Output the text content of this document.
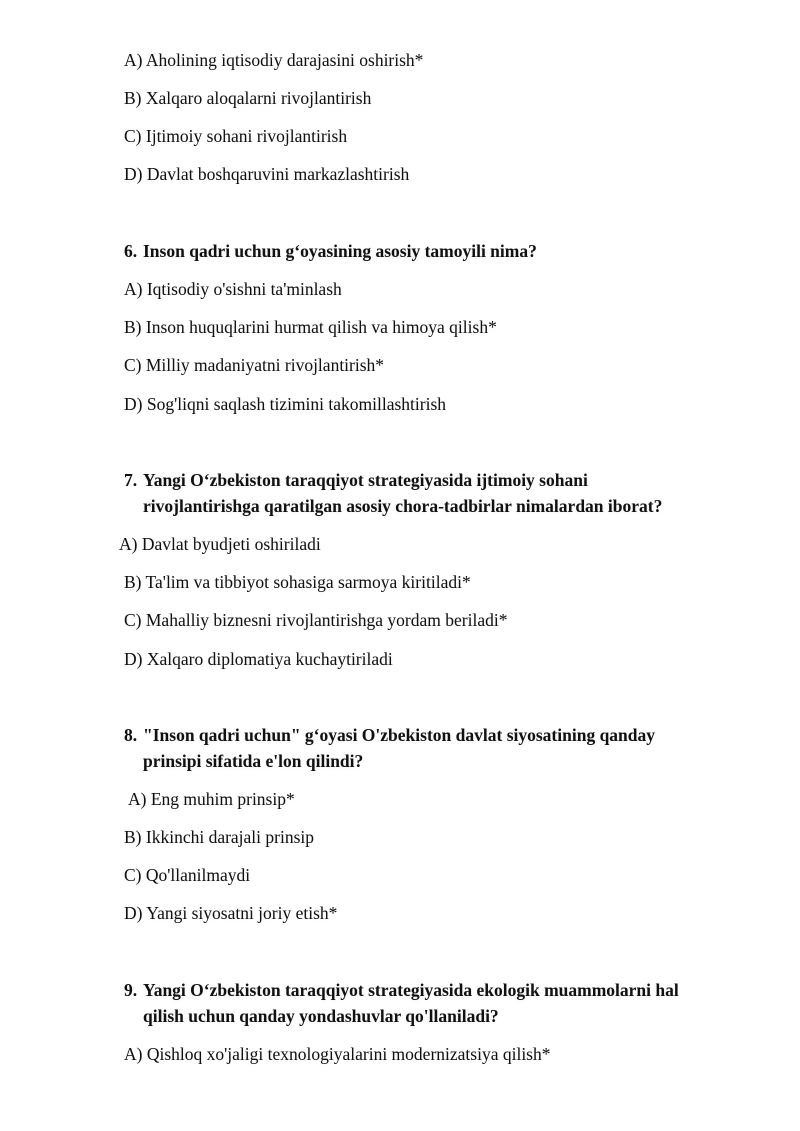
A) Aholining iqtisodiy darajasini oshirish*
B) Xalqaro aloqalarni rivojlantirish
C) Ijtimoiy sohani rivojlantirish
D) Davlat boshqaruvini markazlashtirish
6. Inson qadri uchun g‘oyasining asosiy tamoyili nima?
A) Iqtisodiy o'sishni ta'minlash
B) Inson huquqlarini hurmat qilish va himoya qilish*
C) Milliy madaniyatni rivojlantirish*
D) Sog'liqni saqlash tizimini takomillashtirish
7. Yangi O‘zbekiston taraqqiyot strategiyasida ijtimoiy sohani
rivojlantirishga qaratilgan asosiy chora-tadbirlar nimalardan iborat?
A) Davlat byudjeti oshiriladi
B) Ta'lim va tibbiyot sohasiga sarmoya kiritiladi*
C) Mahalliy biznesni rivojlantirishga yordam beriladi*
D) Xalqaro diplomatiya kuchaytiriladi
8. "Inson qadri uchun" g‘oyasi O'zbekiston davlat siyosatining qanday
prinsipi sifatida e'lon qilindi?
A) Eng muhim prinsip*
B) Ikkinchi darajali prinsip
C) Qo'llanilmaydi
D) Yangi siyosatni joriy etish*
9. Yangi O‘zbekiston taraqqiyot strategiyasida ekologik muammolarni hal
qilish uchun qanday yondashuvlar qo'llaniladi?
A) Qishloq xo'jaligi texnologiyalarini modernizatsiya qilish*
